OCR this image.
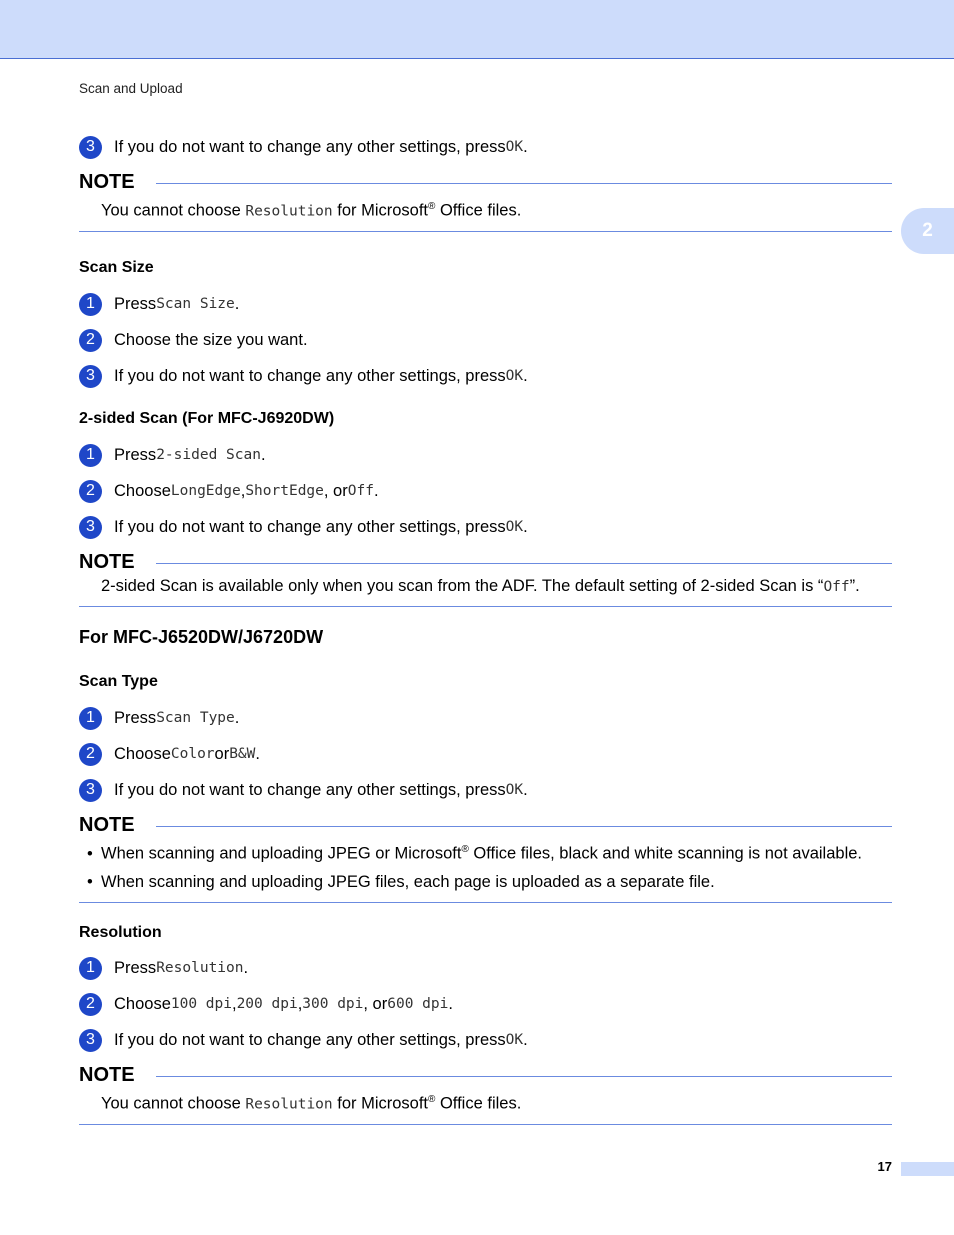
Scan and Upload
2
3	If you do not want to change any other settings, press OK .
NOTE
You cannot choose Resolution for Microsoft® Office files.
Scan Size
1	Press Scan Size .
2	Choose the size you want.
3	If you do not want to change any other settings, press OK .
2-sided Scan (For MFC-J6920DW)
1	Press 2-sided Scan .
2	Choose LongEdge , ShortEdge , or Off .
3	If you do not want to change any other settings, press OK .
NOTE
2-sided Scan is available only when you scan from the ADF. The default setting of 2-sided Scan is “Off”.
For MFC-J6520DW/J6720DW
Scan Type
1	Press Scan Type .
2	Choose Color or B&W .
3	If you do not want to change any other settings, press OK .
NOTE
• When scanning and uploading JPEG or Microsoft® Office files, black and white scanning is not available.
• When scanning and uploading JPEG files, each page is uploaded as a separate file.
Resolution
1	Press Resolution .
2	Choose 100 dpi , 200 dpi , 300 dpi , or 600 dpi .
3	If you do not want to change any other settings, press OK .
NOTE
You cannot choose Resolution for Microsoft® Office files.
17
